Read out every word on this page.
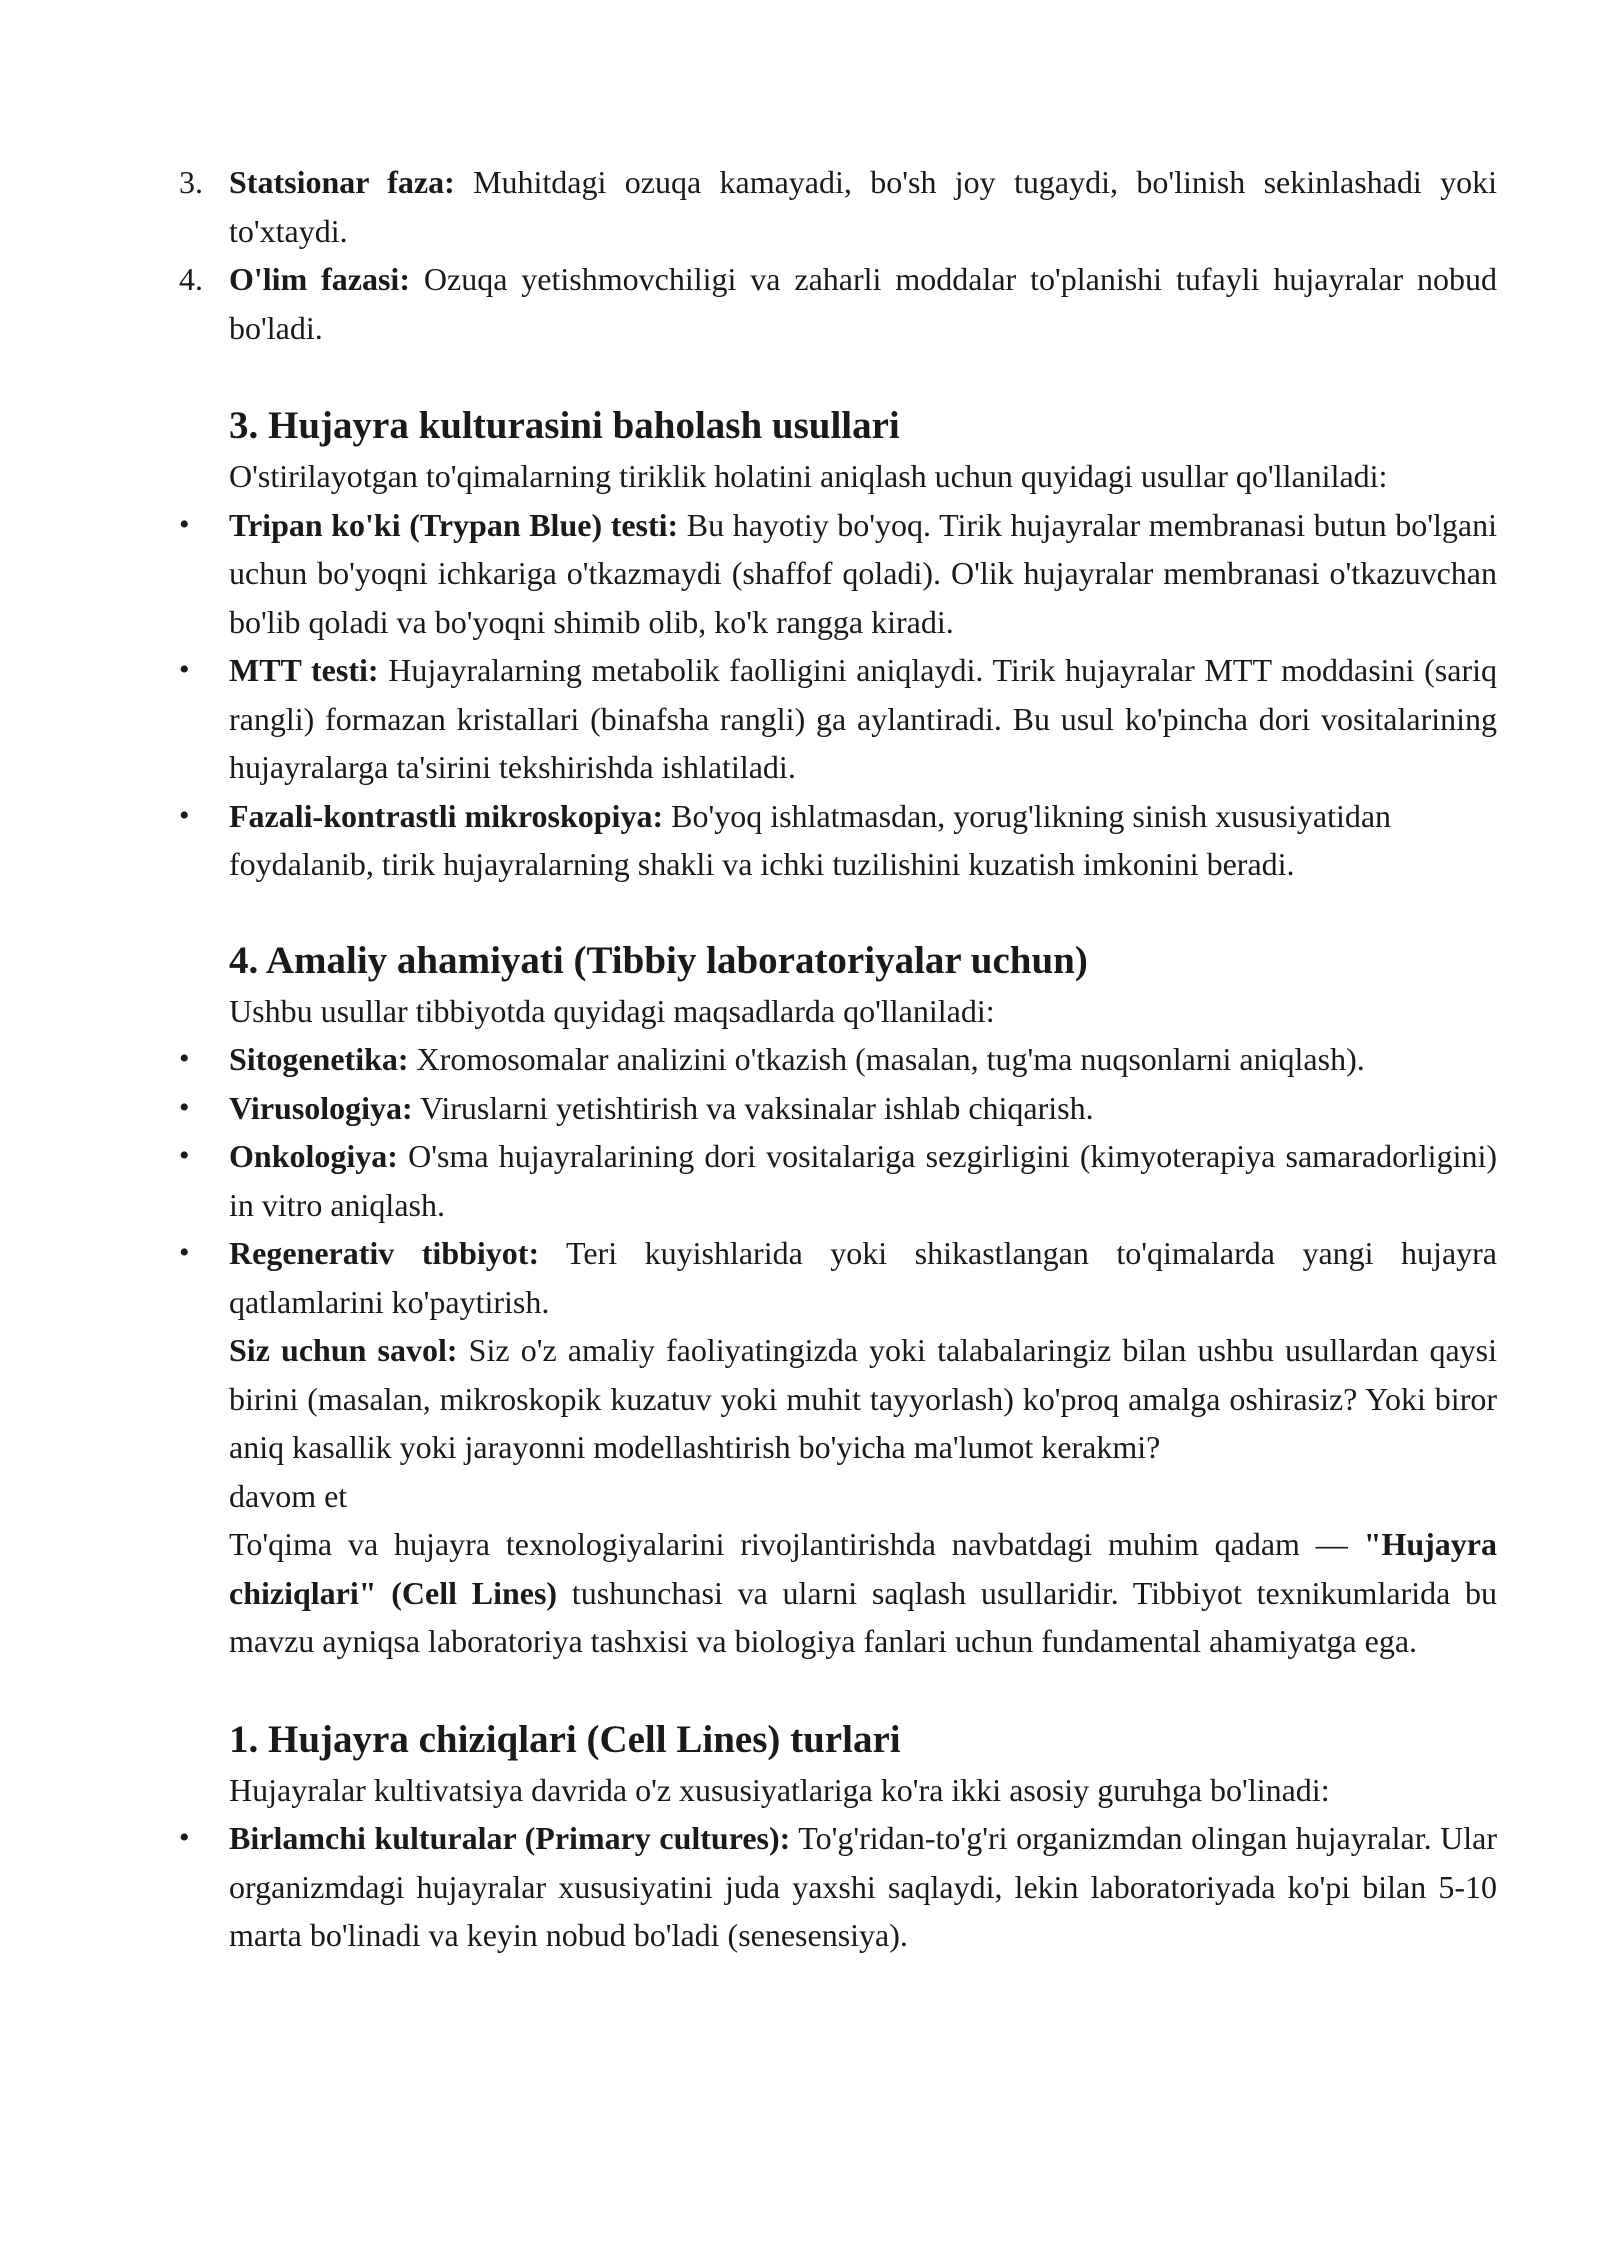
3. Statsionar faza: Muhitdagi ozuqa kamayadi, bo'sh joy tugaydi, bo'linish sekinlashadi yoki to'xtaydi.
4. O'lim fazasi: Ozuqa yetishmovchiligi va zaharli moddalar to'planishi tufayli hujayralar nobud bo'ladi.
3. Hujayra kulturasini baholash usullari

O'stirilayotgan to'qimalarning tiriklik holatini aniqlash uchun quyidagi usullar qo'llaniladi:

• Tripan ko'ki (Trypan Blue) testi: Bu hayotiy bo'yoq. Tirik hujayralar membranasi butun bo'lgani uchun bo'yoqni ichkariga o'tkazmaydi (shaffof qoladi). O'lik hujayralar membranasi o'tkazuvchan bo'lib qoladi va bo'yoqni shimib olib, ko'k rangga kiradi.
• MTT testi: Hujayralarning metabolik faolligini aniqlaydi. Tirik hujayralar MTT moddasini (sariq rangli) formazan kristallari (binafsha rangli) ga aylantiradi. Bu usul ko'pincha dori vositalarining hujayralarga ta'sirini tekshirishda ishlatiladi.
• Fazali-kontrastli mikroskopiya: Bo'yoq ishlatmasdan, yorug'likning sinish xususiyatidan foydalanib, tirik hujayralarning shakli va ichki tuzilishini kuzatish imkonini beradi.
4. Amaliy ahamiyati (Tibbiy laboratoriyalar uchun)

Ushbu usullar tibbiyotda quyidagi maqsadlarda qo'llaniladi:

• Sitogenetika: Xromosomalar analizini o'tkazish (masalan, tug'ma nuqsonlarni aniqlash).
• Virusologiya: Viruslarni yetishtirish va vaksinalar ishlab chiqarish.
• Onkologiya: O'sma hujayralarining dori vositalariga sezgirligini (kimyoterapiya samaradorligini) in vitro aniqlash.
• Regenerativ tibbiyot: Teri kuyishlarida yoki shikastlangan to'qimalarda yangi hujayra qatlamlarini ko'paytirish.

Siz uchun savol: Siz o'z amaliy faoliyatingizda yoki talabalaringiz bilan ushbu usullardan qaysi birini (masalan, mikroskopik kuzatuv yoki muhit tayyorlash) ko'proq amalga oshirasiz? Yoki biror aniq kasallik yoki jarayonni modellashtirish bo'yicha ma'lumot kerakmi?

davom et

To'qima va hujayra texnologiyalarini rivojlantirishda navbatdagi muhim qadam — "Hujayra chiziqlari" (Cell Lines) tushunchasi va ularni saqlash usullaridir. Tibbiyot texnikumlarida bu mavzu ayniqsa laboratoriya tashxisi va biologiya fanlari uchun fundamental ahamiyatga ega.

1. Hujayra chiziqlari (Cell Lines) turlari

Hujayralar kultivatsiya davrida o'z xususiyatlariga ko'ra ikki asosiy guruhga bo'linadi:

• Birlamchi kulturalar (Primary cultures): To'g'ridan-to'g'ri organizmdan olingan hujayralar. Ular organizmdagi hujayralar xususiyatini juda yaxshi saqlaydi, lekin laboratoriyada ko'pi bilan 5-10 marta bo'linadi va keyin nobud bo'ladi (senesensiya).
